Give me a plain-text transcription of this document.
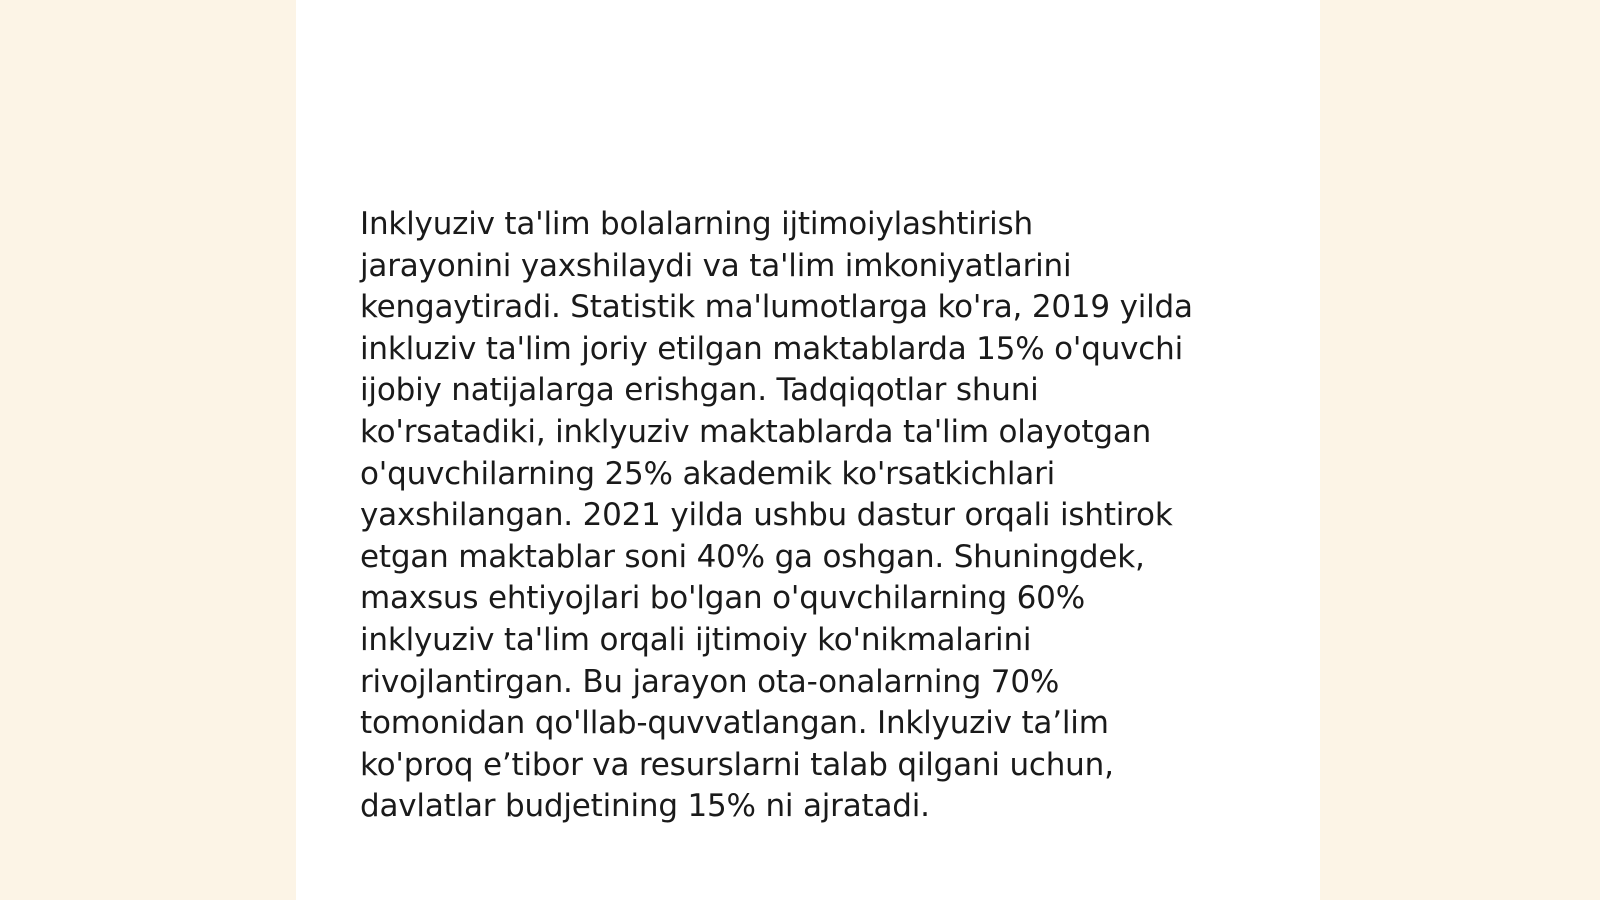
Inklyuziv ta'lim bolalarning ijtimoiylashtirish
jarayonini yaxshilaydi va ta'lim imkoniyatlarini
kengaytiradi. Statistik ma'lumotlarga ko'ra, 2019 yilda
inkluziv ta'lim joriy etilgan maktablarda 15% o'quvchi
ijobiy natijalarga erishgan. Tadqiqotlar shuni
ko'rsatadiki, inklyuziv maktablarda ta'lim olayotgan
o'quvchilarning 25% akademik ko'rsatkichlari
yaxshilangan. 2021 yilda ushbu dastur orqali ishtirok
etgan maktablar soni 40% ga oshgan. Shuningdek,
maxsus ehtiyojlari bo'lgan o'quvchilarning 60%
inklyuziv ta'lim orqali ijtimoiy ko'nikmalarini
rivojlantirgan. Bu jarayon ota-onalarning 70%
tomonidan qo'llab-quvvatlangan. Inklyuziv ta’lim
ko'proq e’tibor va resurslarni talab qilgani uchun,
davlatlar budjetining 15% ni ajratadi.
